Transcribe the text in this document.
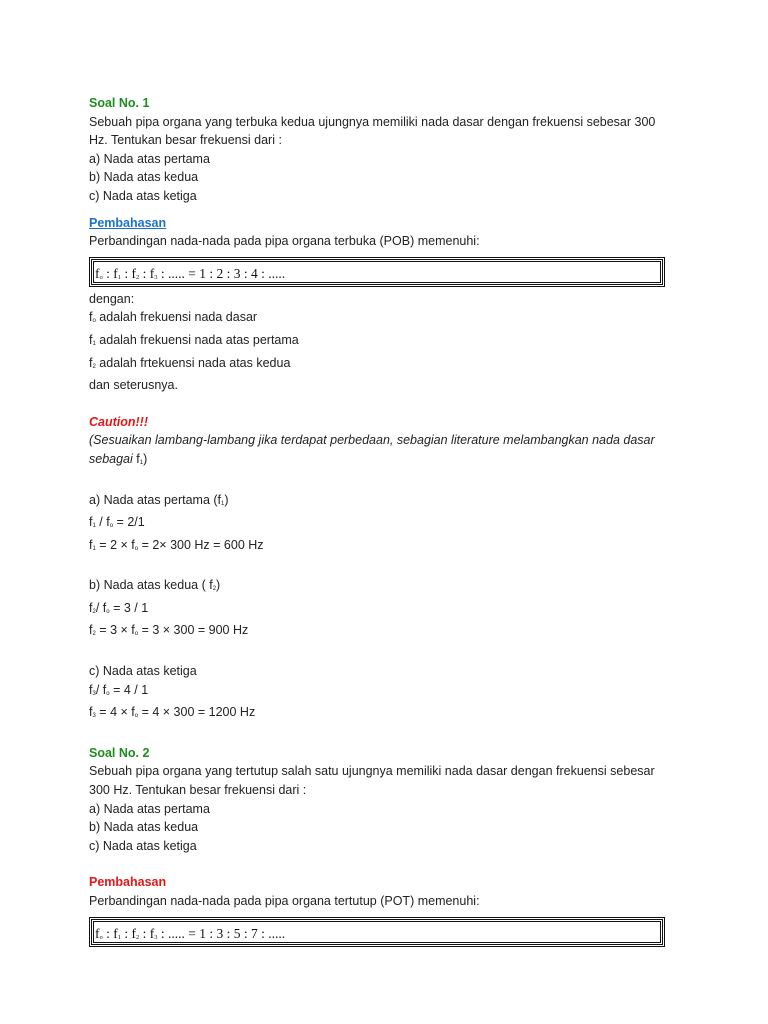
Soal No. 1
Sebuah pipa organa yang terbuka kedua ujungnya memiliki nada dasar dengan frekuensi sebesar 300
Hz. Tentukan besar frekuensi dari :
a) Nada atas pertama
b) Nada atas kedua
c) Nada atas ketiga
Pembahasan
Perbandingan nada-nada pada pipa organa terbuka (POB) memenuhi:
fo : f1 : f2 : f3 : ..... = 1 : 2 : 3 : 4 : .....
dengan:
fo adalah frekuensi nada dasar
f1 adalah frekuensi nada atas pertama
f2 adalah frtekuensi nada atas kedua
dan seterusnya.
Caution!!!
(Sesuaikan lambang-lambang jika terdapat perbedaan, sebagian literature melambangkan nada dasar
sebagai f1)
a) Nada atas pertama (f1)
f1 / fo = 2/1
f1 = 2 × fo = 2× 300 Hz = 600 Hz
b) Nada atas kedua ( f2)
f2/ fo = 3 / 1
f2 = 3 × fo = 3 × 300 = 900 Hz
c) Nada atas ketiga
f3/ fo = 4 / 1
f3 = 4 × fo = 4 × 300 = 1200 Hz
Soal No. 2
Sebuah pipa organa yang tertutup salah satu ujungnya memiliki nada dasar dengan frekuensi sebesar
300 Hz. Tentukan besar frekuensi dari :
a) Nada atas pertama
b) Nada atas kedua
c) Nada atas ketiga
Pembahasan
Perbandingan nada-nada pada pipa organa tertutup (POT) memenuhi:
fo : f1 : f2 : f3 : ..... = 1 : 3 : 5 : 7 : .....
